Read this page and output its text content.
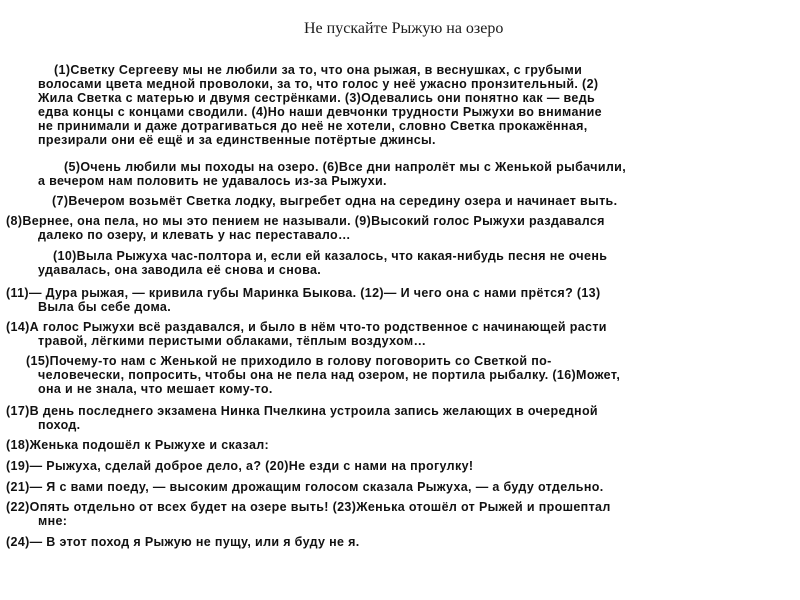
Не пускайте Рыжую на озеро
(1)Светку Сергееву мы не любили за то, что она рыжая, в веснушках, с грубыми
волосами цвета медной проволоки, за то, что голос у неё ужасно пронзительный. (2)
Жила Светка с матерью и двумя сестрёнками. (3)Одевались они понятно как — ведь
едва концы с концами сводили. (4)Но наши девчонки трудности Рыжухи во внимание
не принимали и даже дотрагиваться до неё не хотели, словно Светка прокажённая,
презирали они её ещё и за единственные потёртые джинсы.
(5)Очень любили мы походы на озеро. (6)Все дни напролёт мы с Женькой рыбачили,
а вечером нам половить не удавалось из-за Рыжухи.
(7)Вечером возьмёт Светка лодку, выгребет одна на середину озера и начинает выть.
(8)Вернее, она пела, но мы это пением не называли. (9)Высокий голос Рыжухи раздавался
далеко по озеру, и клевать у нас переставало…
(10)Выла Рыжуха час-полтора и, если ей казалось, что какая-нибудь песня не очень
удавалась, она заводила её снова и снова.
(11)— Дура рыжая, — кривила губы Маринка Быкова. (12)— И чего она с нами прётся? (13)
Выла бы себе дома.
(14)А голос Рыжухи всё раздавался, и было в нём что-то родственное с начинающей расти
травой, лёгкими перистыми облаками, тёплым воздухом…
(15)Почему-то нам с Женькой не приходило в голову поговорить со Светкой по-
человечески, попросить, чтобы она не пела над озером, не портила рыбалку. (16)Может,
она и не знала, что мешает кому-то.
(17)В день последнего экзамена Нинка Пчелкина устроила запись желающих в очередной
поход.
(18)Женька подошёл к Рыжухе и сказал:
(19)— Рыжуха, сделай доброе дело, а? (20)Не езди с нами на прогулку!
(21)— Я с вами поеду, — высоким дрожащим голосом сказала Рыжуха, — а буду отдельно.
(22)Опять отдельно от всех будет на озере выть! (23)Женька отошёл от Рыжей и прошептал
мне:
(24)— В этот поход я Рыжую не пущу, или я буду не я.
